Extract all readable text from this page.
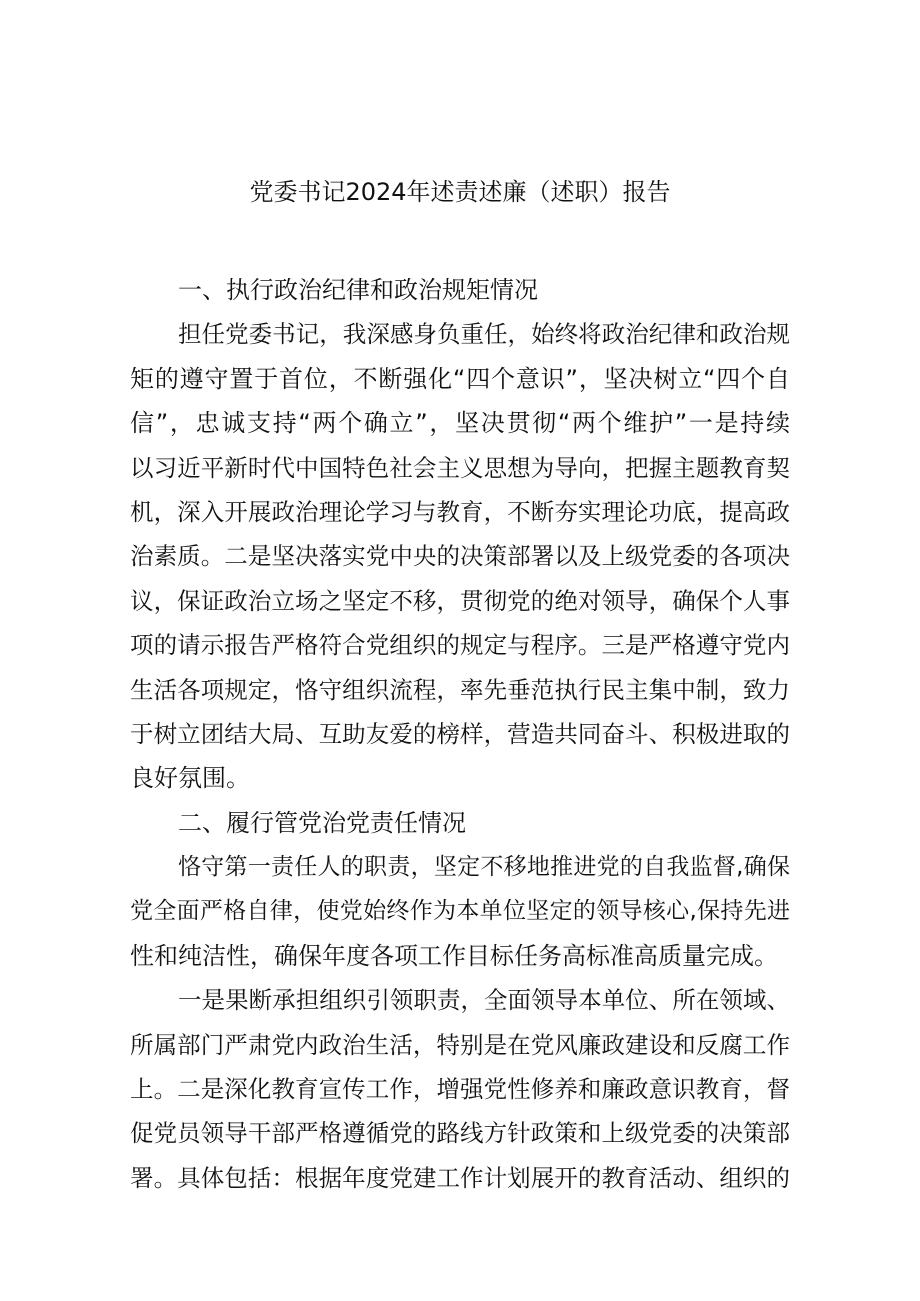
党委书记2024年述责述廉（述职）报告
一、执行政治纪律和政治规矩情况
担任党委书记，我深感身负重任，始终将政治纪律和政治规
矩的遵守置于首位，不断强化“四个意识”，坚决树立“四个自
信”，忠诚支持“两个确立”，坚决贯彻“两个维护”一是持续
以习近平新时代中国特色社会主义思想为导向，把握主题教育契
机，深入开展政治理论学习与教育，不断夯实理论功底，提高政
治素质。二是坚决落实党中央的决策部署以及上级党委的各项决
议，保证政治立场之坚定不移，贯彻党的绝对领导，确保个人事
项的请示报告严格符合党组织的规定与程序。三是严格遵守党内
生活各项规定，恪守组织流程，率先垂范执行民主集中制，致力
于树立团结大局、互助友爱的榜样，营造共同奋斗、积极进取的
良好氛围。
二、履行管党治党责任情况
恪守第一责任人的职责，坚定不移地推进党的自我监督,确保
党全面严格自律，使党始终作为本单位坚定的领导核心,保持先进
性和纯洁性，确保年度各项工作目标任务高标准高质量完成。
一是果断承担组织引领职责，全面领导本单位、所在领域、
所属部门严肃党内政治生活，特别是在党风廉政建设和反腐工作
上。二是深化教育宣传工作，增强党性修养和廉政意识教育，督
促党员领导干部严格遵循党的路线方针政策和上级党委的决策部
署。具体包括：根据年度党建工作计划展开的教育活动、组织的
